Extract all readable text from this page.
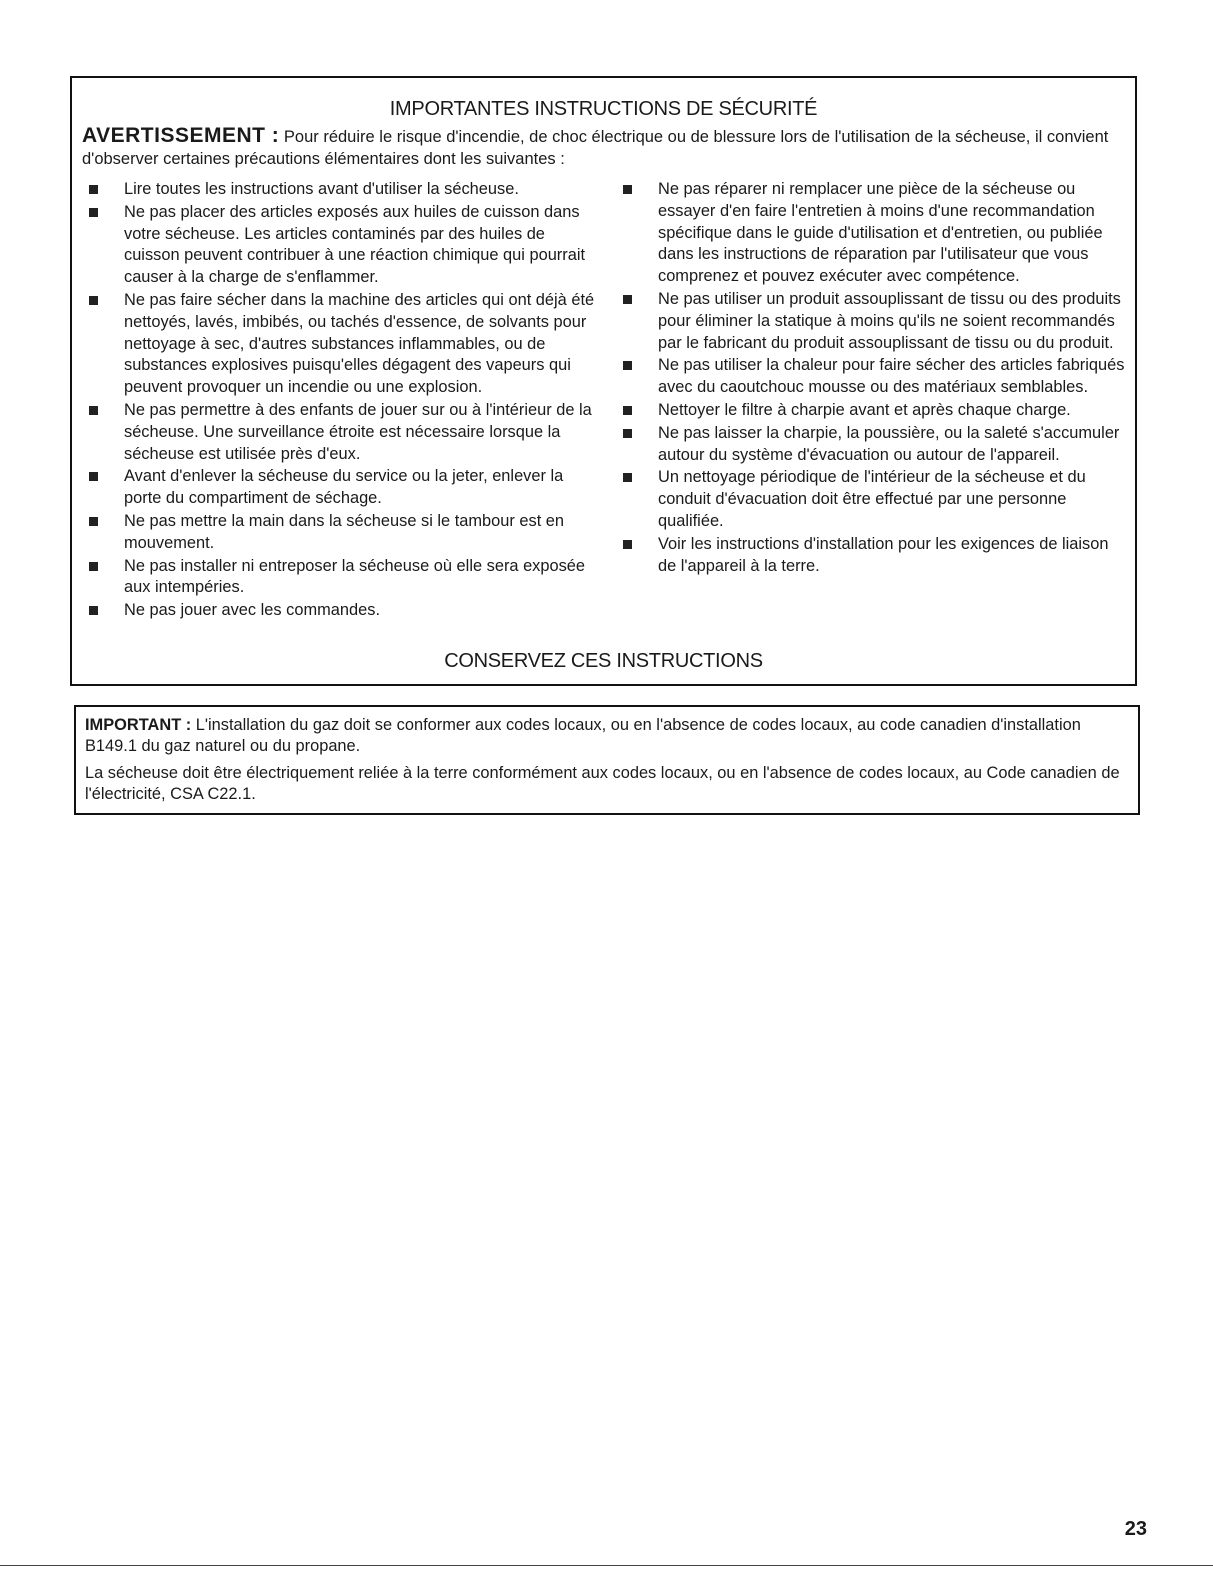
IMPORTANTES INSTRUCTIONS DE SÉCURITÉ
AVERTISSEMENT : Pour réduire le risque d'incendie, de choc électrique ou de blessure lors de l'utilisation de la sécheuse, il convient d'observer certaines précautions élémentaires dont les suivantes :
Lire toutes les instructions avant d'utiliser la sécheuse.
Ne pas placer des articles exposés aux huiles de cuisson dans votre sécheuse. Les articles contaminés par des huiles de cuisson peuvent contribuer à une réaction chimique qui pourrait causer à la charge de s'enflammer.
Ne pas faire sécher dans la machine des articles qui ont déjà été nettoyés, lavés, imbibés, ou tachés d'essence, de solvants pour nettoyage à sec, d'autres substances inflammables, ou de substances explosives puisqu'elles dégagent des vapeurs qui peuvent provoquer un incendie ou une explosion.
Ne pas permettre à des enfants de jouer sur ou à l'intérieur de la sécheuse. Une surveillance étroite est nécessaire lorsque la sécheuse est utilisée près d'eux.
Avant d'enlever la sécheuse du service ou la jeter, enlever la porte du compartiment de séchage.
Ne pas mettre la main dans la sécheuse si le tambour est en mouvement.
Ne pas installer ni entreposer la sécheuse où elle sera exposée aux intempéries.
Ne pas jouer avec les commandes.
Ne pas réparer ni remplacer une pièce de la sécheuse ou essayer d'en faire l'entretien à moins d'une recommandation spécifique dans le guide d'utilisation et d'entretien, ou publiée dans les instructions de réparation par l'utilisateur que vous comprenez et pouvez exécuter avec compétence.
Ne pas utiliser un produit assouplissant de tissu ou des produits pour éliminer la statique à moins qu'ils ne soient recommandés par le fabricant du produit assouplissant de tissu ou du produit.
Ne pas utiliser la chaleur pour faire sécher des articles fabriqués avec du caoutchouc mousse ou des matériaux semblables.
Nettoyer le filtre à charpie avant et après chaque charge.
Ne pas laisser la charpie, la poussière, ou la saleté s'accumuler autour du système d'évacuation ou autour de l'appareil.
Un nettoyage périodique de l'intérieur de la sécheuse et du conduit d'évacuation doit être effectué par une personne qualifiée.
Voir les instructions d'installation pour les exigences de liaison de l'appareil à la terre.
CONSERVEZ CES INSTRUCTIONS

IMPORTANT : L'installation du gaz doit se conformer aux codes locaux, ou en l'absence de codes locaux, au code canadien d'installation B149.1 du gaz naturel ou du propane.

La sécheuse doit être électriquement reliée à la terre conformément aux codes locaux, ou en l'absence de codes locaux, au Code canadien de l'électricité, CSA C22.1.

23
